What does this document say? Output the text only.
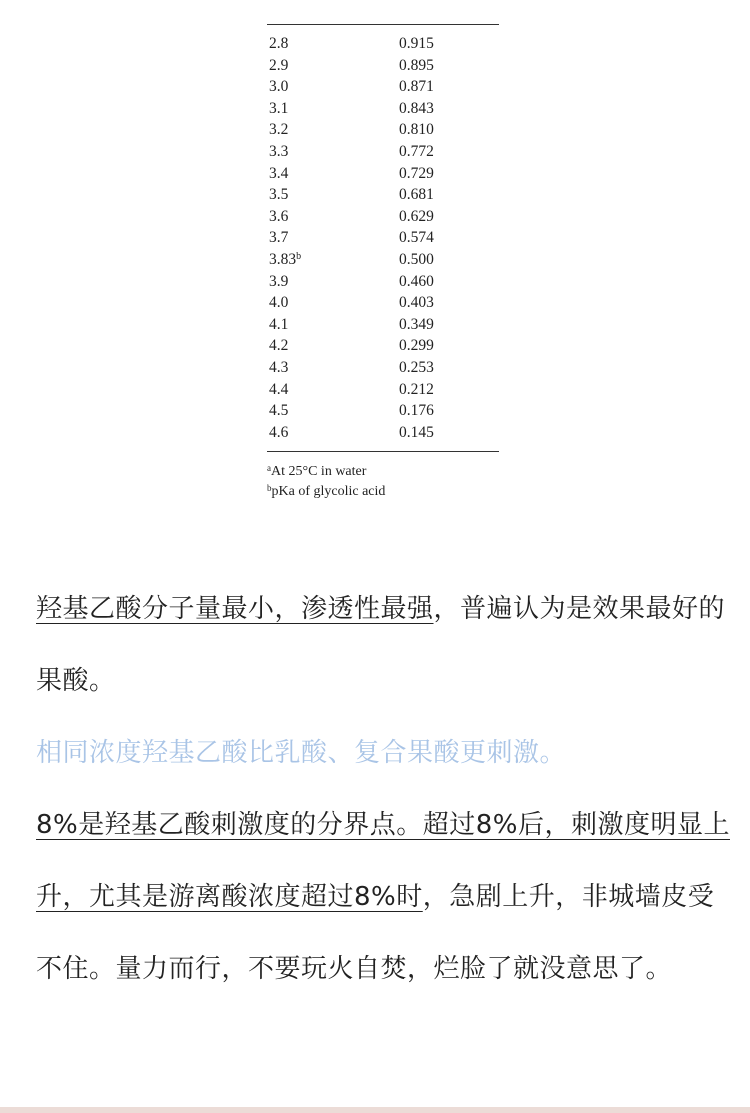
2.8	0.915
2.9	0.895
3.0	0.871
3.1	0.843
3.2	0.810
3.3	0.772
3.4	0.729
3.5	0.681
3.6	0.629
3.7	0.574
3.83$^b$	0.500
3.9	0.460
4.0	0.403
4.1	0.349
4.2	0.299
4.3	0.253
4.4	0.212
4.5	0.176
4.6	0.145
$^a$At 25°C in water
$^b$pKa of glycolic acid

羟基乙酸分子量最小，渗透性最强，普遍认为是效果最好的果酸。

相同浓度羟基乙酸比乳酸、复合果酸更刺激。

8%是羟基乙酸刺激度的分界点。超过8%后，刺激度明显上升，尤其是游离酸浓度超过8%时，急剧上升，非城墙皮受不住。量力而行，不要玩火自焚，烂脸了就没意思了。
